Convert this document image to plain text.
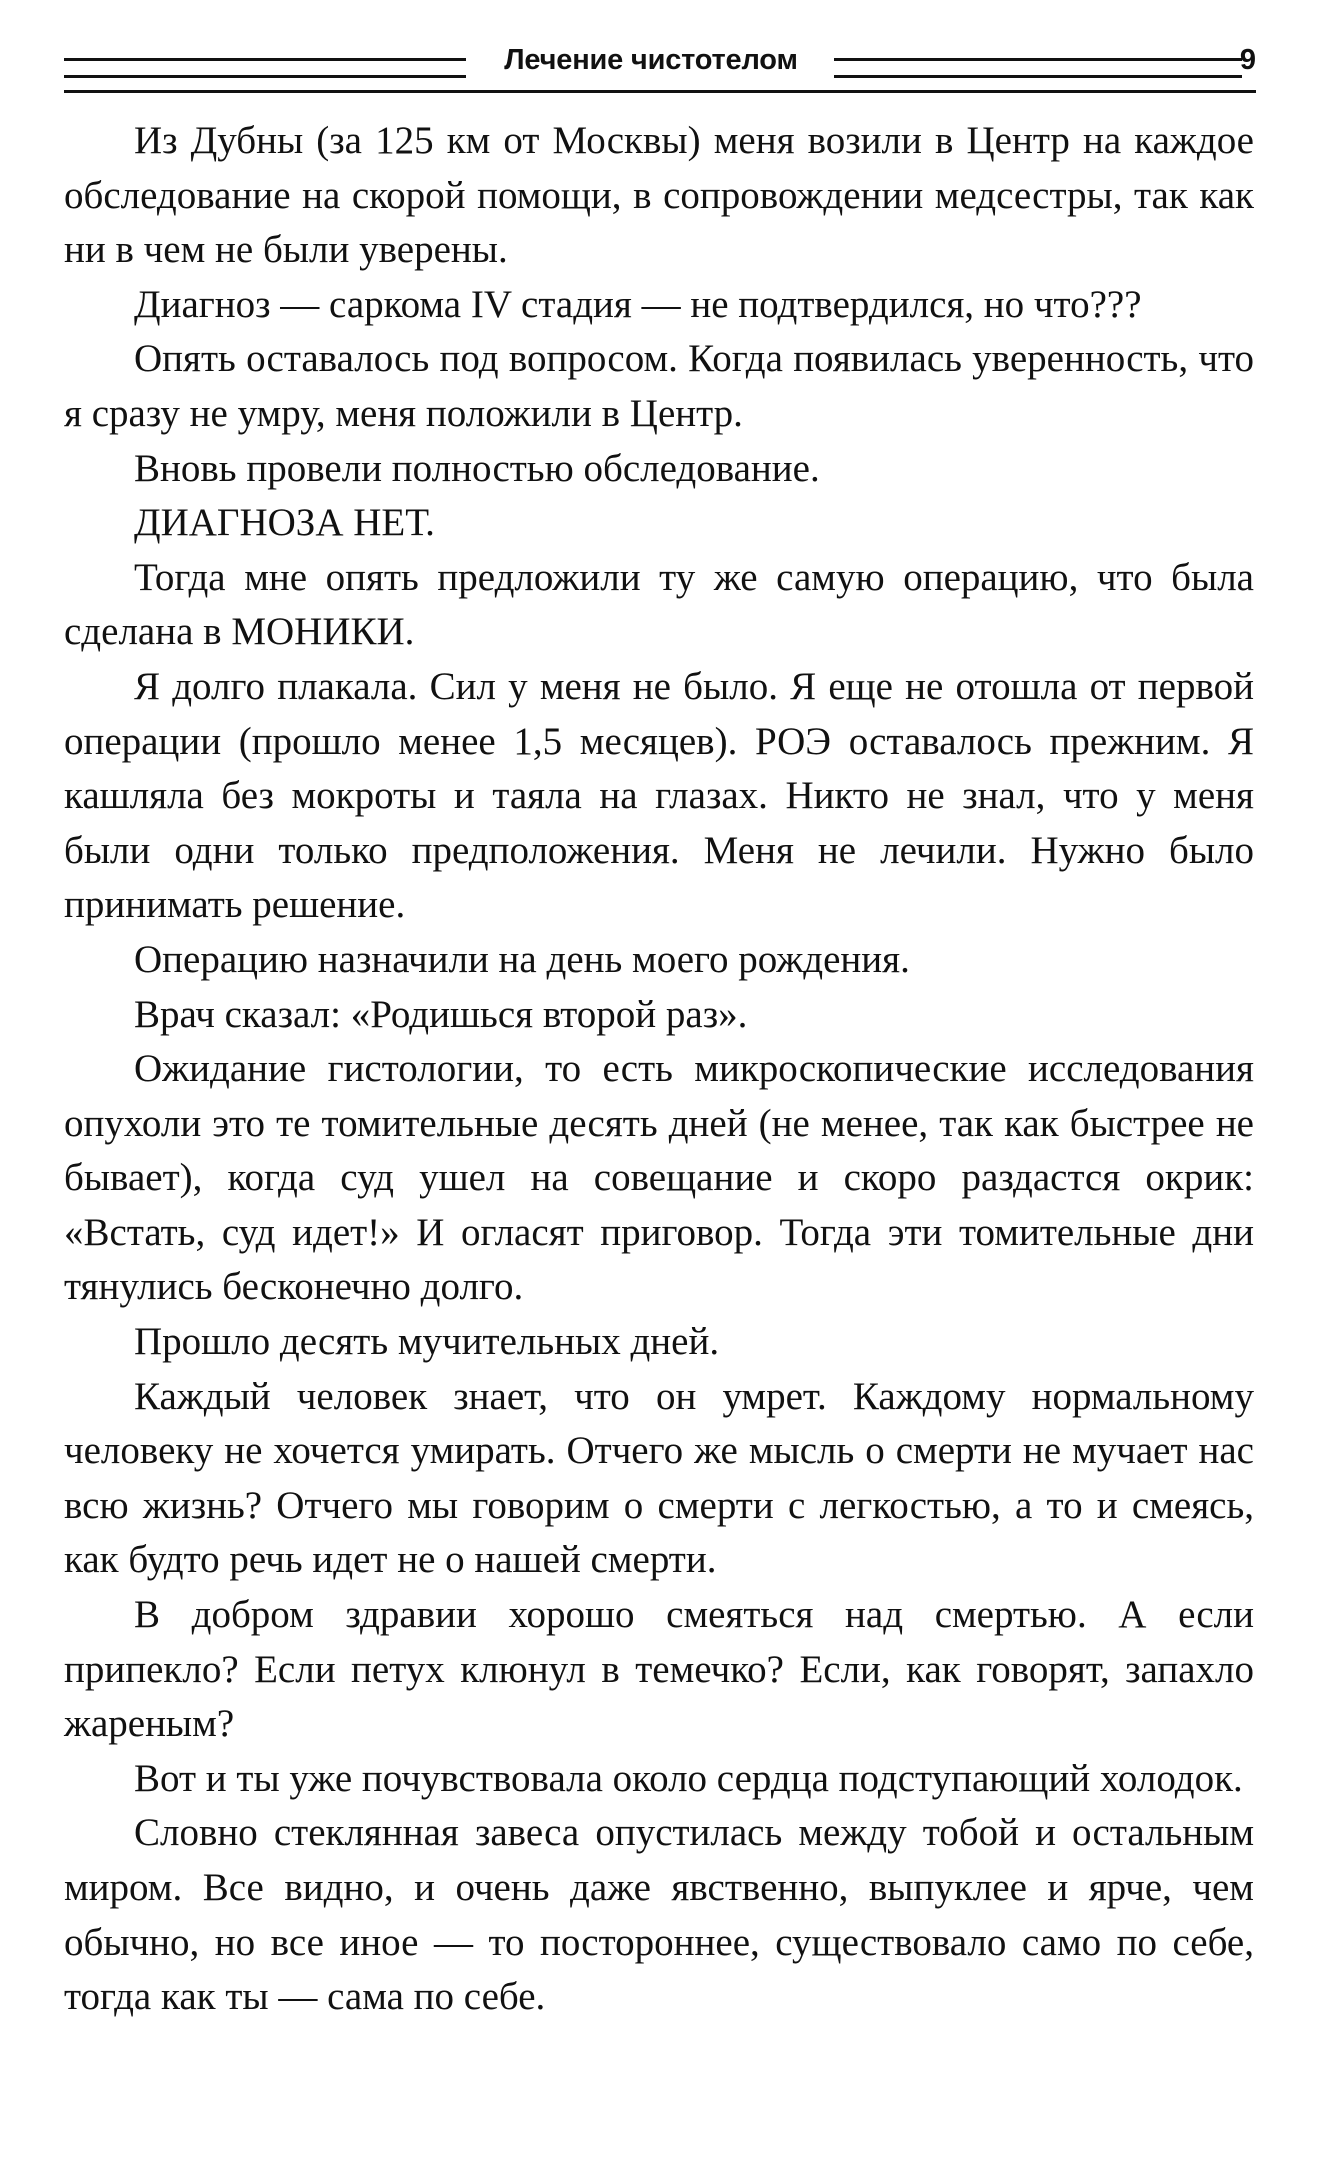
Лечение чистотелом	9

Из Дубны (за 125 км от Москвы) меня возили в Центр на каждое обследование на скорой помощи, в сопровождении медсестры, так как ни в чем не были уверены.

Диагноз — саркома IV стадия — не подтвердился, но что???

Опять оставалось под вопросом. Когда появилась уверенность, что я сразу не умру, меня положили в Центр.

Вновь провели полностью обследование.

ДИАГНОЗА НЕТ.

Тогда мне опять предложили ту же самую операцию, что была сделана в МОНИКИ.

Я долго плакала. Сил у меня не было. Я еще не отошла от первой операции (прошло менее 1,5 месяцев). РОЭ оставалось прежним. Я кашляла без мокроты и таяла на глазах. Никто не знал, что у меня были одни только предположения. Меня не лечили. Нужно было принимать решение.

Операцию назначили на день моего рождения.

Врач сказал: «Родишься второй раз».

Ожидание гистологии, то есть микроскопические исследования опухоли это те томительные десять дней (не менее, так как быстрее не бывает), когда суд ушел на совещание и скоро раздастся окрик: «Встать, суд идет!» И огласят приговор. Тогда эти томительные дни тянулись бесконечно долго.

Прошло десять мучительных дней.

Каждый человек знает, что он умрет. Каждому нормальному человеку не хочется умирать. Отчего же мысль о смерти не мучает нас всю жизнь? Отчего мы говорим о смерти с легкостью, а то и смеясь, как будто речь идет не о нашей смерти.

В добром здравии хорошо смеяться над смертью. А если припекло? Если петух клюнул в темечко? Если, как говорят, запахло жареным?

Вот и ты уже почувствовала около сердца подступающий холодок.

Словно стеклянная завеса опустилась между тобой и остальным миром. Все видно, и очень даже явственно, выпуклее и ярче, чем обычно, но все иное — то постороннее, существовало само по себе, тогда как ты — сама по себе.
